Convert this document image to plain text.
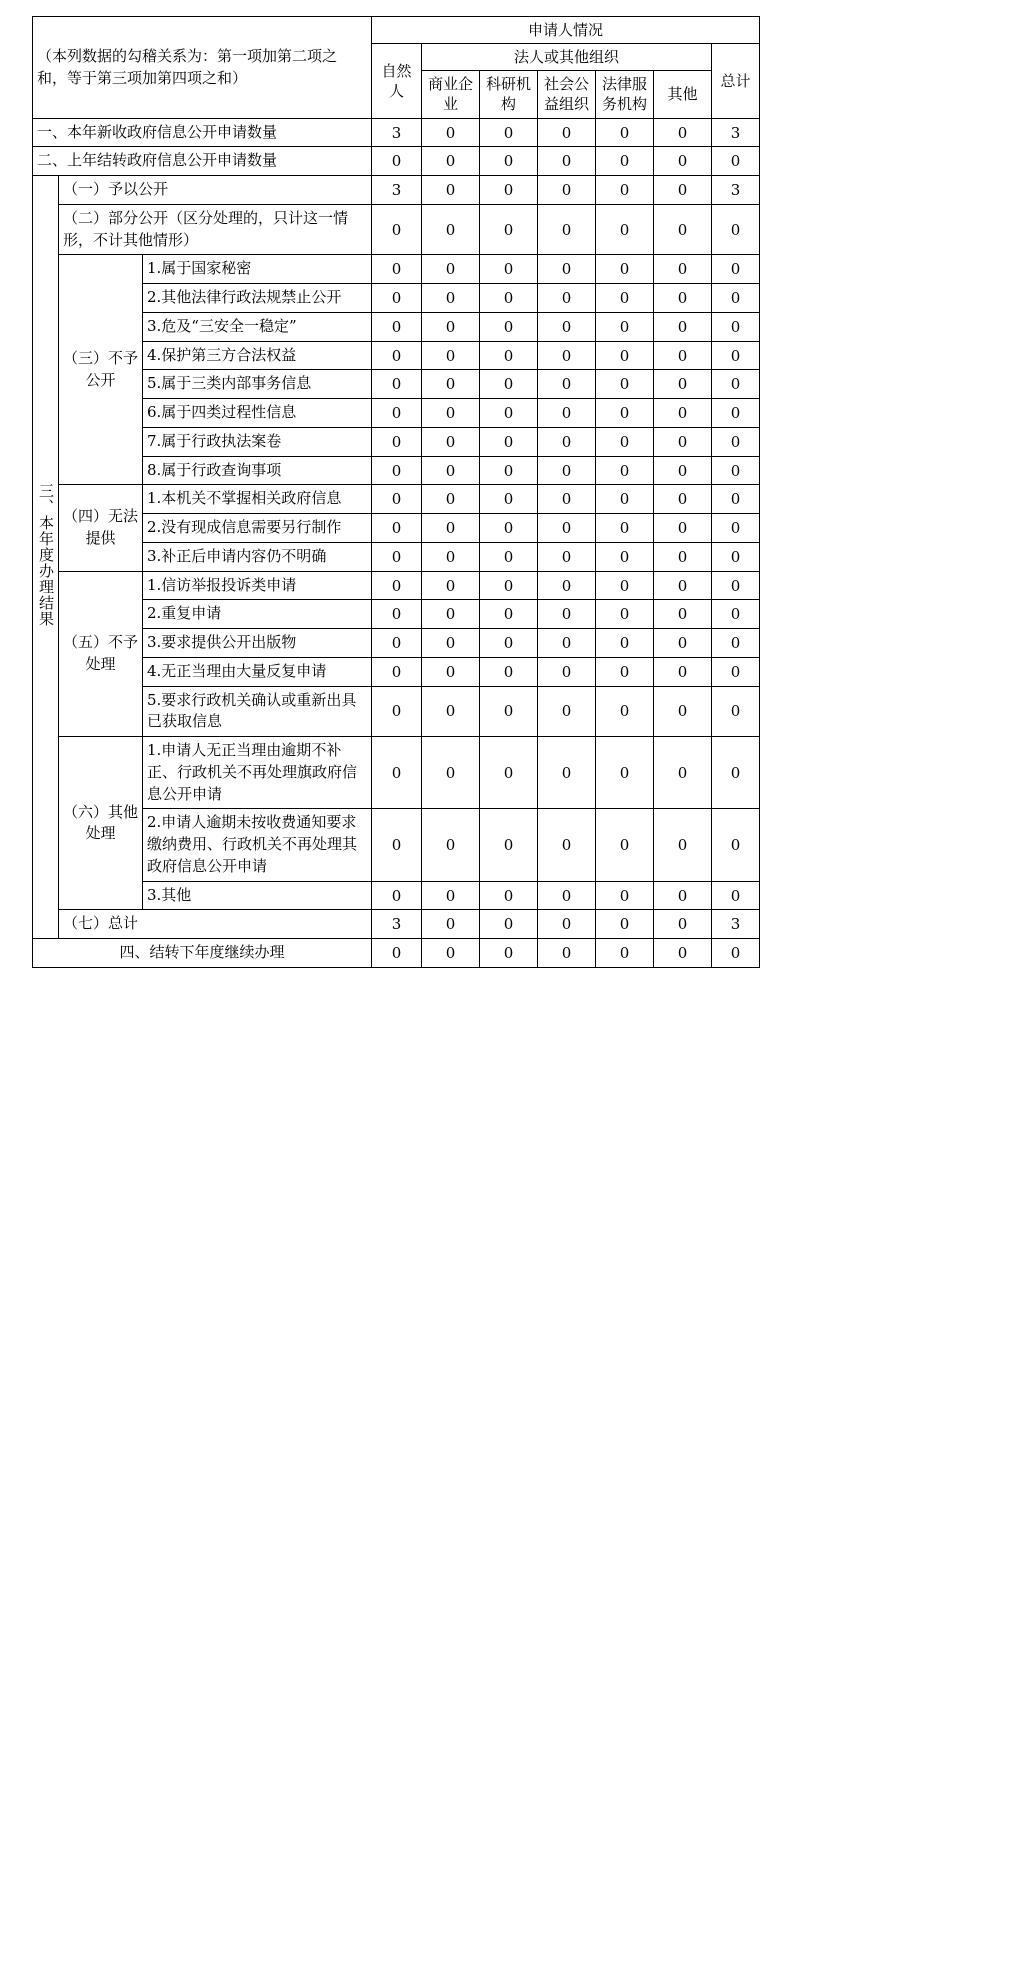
（本列数据的勾稽关系为：第一项加第二项之和，等于第三项加第四项之和）			申请人情况						
			自然人	法人或其他组织					总计
				商业企 业	科研机构	社会公益组织	法律服务机构	其他	
一、本年新收政府信息公开申请数量			3	0	0	0	0	0	3
二、上年结转政府信息公开申请数量			0	0	0	0	0	0	0
三、本年度办理结果	（一）予以公开		3	0	0	0	0	0	3
	（二）部分公开（区分处理的，只计这一情形，不计其他情形）		0	0	0	0	0	0	0
	（三）不予公开	1.属于国家秘密	0	0	0	0	0	0	0
		2.其他法律行政法规禁止公开	0	0	0	0	0	0	0
		3.危及“三安全一稳定”	0	0	0	0	0	0	0
		4.保护第三方合法权益	0	0	0	0	0	0	0
		5.属于三类内部事务信息	0	0	0	0	0	0	0
		6.属于四类过程性信息	0	0	0	0	0	0	0
		7.属于行政执法案卷	0	0	0	0	0	0	0
		8.属于行政查询事项	0	0	0	0	0	0	0
	（四）无法提供	1.本机关不掌握相关政府信息	0	0	0	0	0	0	0
		2.没有现成信息需要另行制作	0	0	0	0	0	0	0
		3.补正后申请内容仍不明确	0	0	0	0	0	0	0
	（五）不予处理	1.信访举报投诉类申请	0	0	0	0	0	0	0
		2.重复申请	0	0	0	0	0	0	0
		3.要求提供公开出版物	0	0	0	0	0	0	0
		4.无正当理由大量反复申请	0	0	0	0	0	0	0
		5.要求行政机关确认或重新出具已获取信息	0	0	0	0	0	0	0
	（六）其他处理	1.申请人无正当理由逾期不补正、行政机关不再处理旗政府信息公开申请	0	0	0	0	0	0	0
		2.申请人逾期未按收费通知要求缴纳费用、行政机关不再处理其政府信息公开申请	0	0	0	0	0	0	0
		3.其他	0	0	0	0	0	0	0
	（七）总计		3	0	0	0	0	0	3
四、结转下年度继续办理			0	0	0	0	0	0	0
